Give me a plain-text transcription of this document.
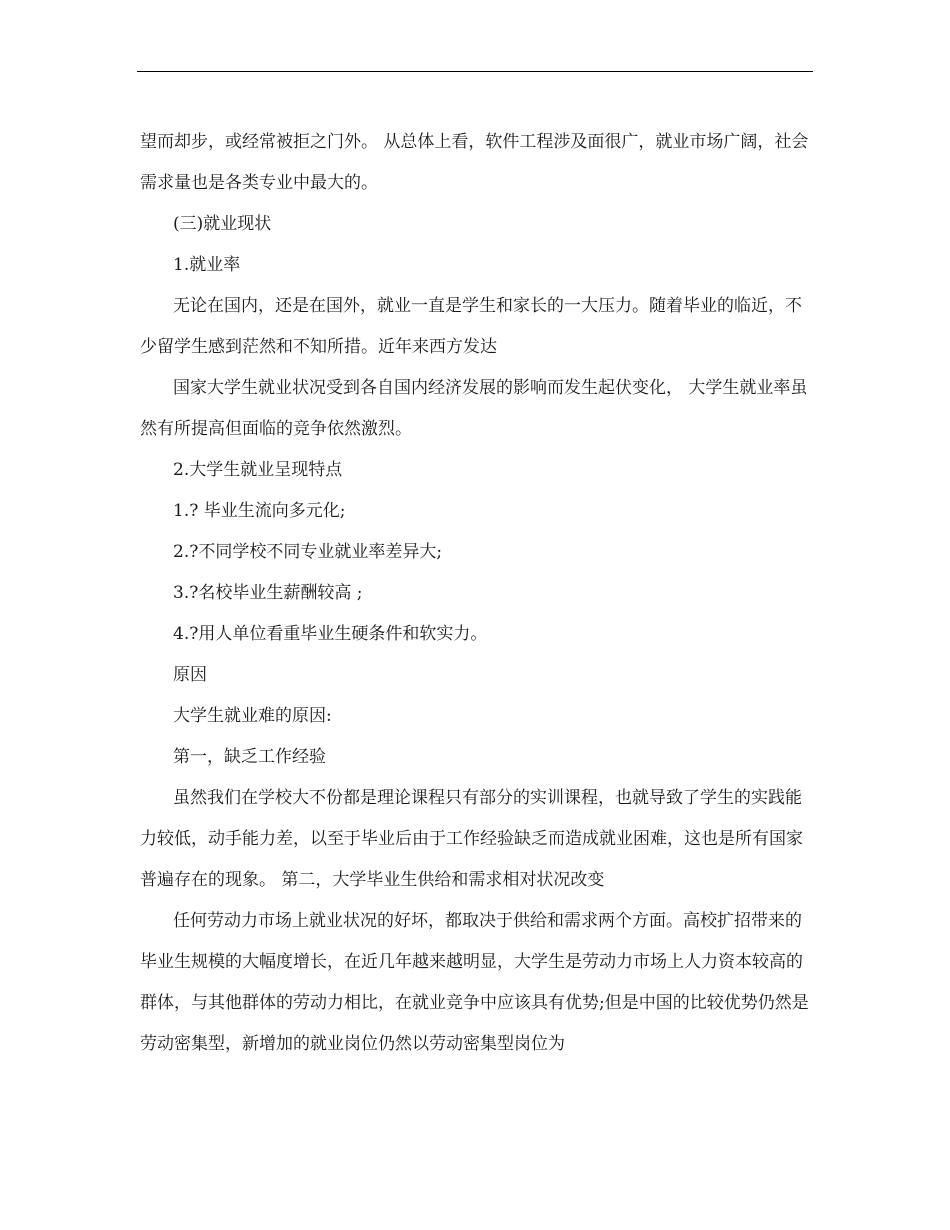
望而却步，或经常被拒之门外。 从总体上看，软件工程涉及面很广，就业市场广阔，社会需求量也是各类专业中最大的。

(三)就业现状

1.就业率

无论在国内，还是在国外，就业一直是学生和家长的一大压力。随着毕业的临近，不少留学生感到茫然和不知所措。近年来西方发达

国家大学生就业状况受到各自国内经济发展的影响而发生起伏变化， 大学生就业率虽然有所提高但面临的竞争依然激烈。

2.大学生就业呈现特点

1.? 毕业生流向多元化;

2.?不同学校不同专业就业率差异大;

3.?名校毕业生薪酬较高 ;

4.?用人单位看重毕业生硬条件和软实力。

原因

大学生就业难的原因:

第一，缺乏工作经验

虽然我们在学校大不份都是理论课程只有部分的实训课程，也就导致了学生的实践能力较低，动手能力差，以至于毕业后由于工作经验缺乏而造成就业困难，这也是所有国家普遍存在的现象。 第二，大学毕业生供给和需求相对状况改变

任何劳动力市场上就业状况的好坏，都取决于供给和需求两个方面。高校扩招带来的毕业生规模的大幅度增长，在近几年越来越明显，大学生是劳动力市场上人力资本较高的群体，与其他群体的劳动力相比，在就业竞争中应该具有优势;但是中国的比较优势仍然是劳动密集型，新增加的就业岗位仍然以劳动密集型岗位为
